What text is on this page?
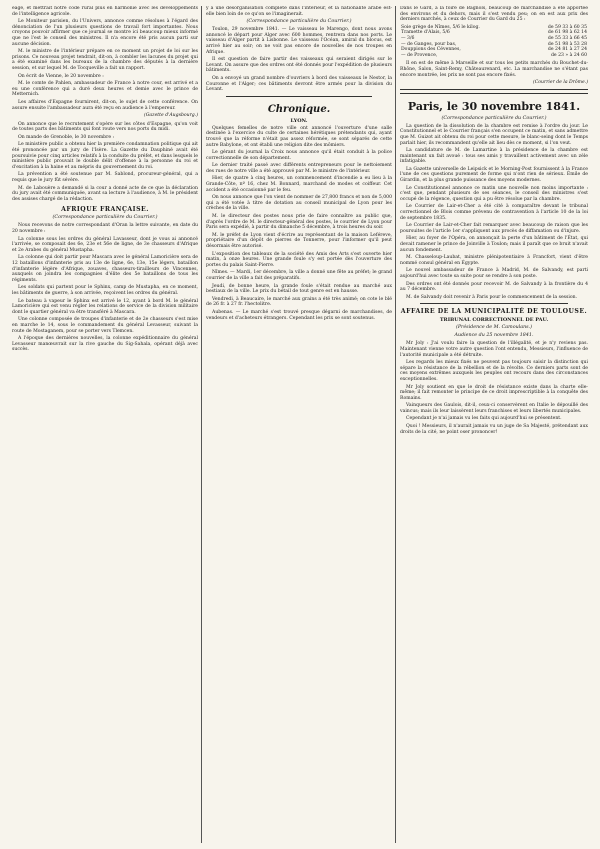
eage, et mettrait notre code rural plus en harmonie avec les développements de l'intelligence agricole.

Le Moniteur parisien, du l'Univers, annonce comme résolues à l'égard des dénonciation de l'un plusieurs questions de travail fort importantes. Nous croyons pouvoir affirmer que ce journal se montre ici beaucoup mieux informé que ne l'est le conseil des ministres. Il n'a encore été pris aucun parti sur aucune décision.

M. le ministre de l'intérieur prépare en ce moment un projet de loi sur les prisons. Ce nouveau projet tendrait, dit-on, à combler les lacunes du projet qui a été examiné dans les bureaux de la chambre des députés à la dernière session, et sur lequel M. de Tocqueville a fait un rapport.

On écrit de Vienne, le 20 novembre :

M. le comte de Pahlen, ambassadeur de France à notre cour, est arrivé et a eu une conférence qui a duré deux heures et demie avec le prince de Metternich.

Les affaires d'Espagne fournirent, dit-on, le sujet de cette conférence. On assure ensuite l'ambassadeur aura été reçu en audience à l'empereur.

(Gazette d'Augsbourg.)

On annonce que le recrutement s'opère sur les côtes d'Espagne, qu'on voit de toutes parts des bâtiments qui font route vers nos ports du midi.

On mande de Grenoble, le 30 novembre :

Le ministère public a obtenu hier la première condamnation politique qui ait été prononcée par un jury de l'Isère. La Gazette du Dauphiné avait été poursuivie pour cinq articles relatifs à la conduite du préfet, et dans lesquels le ministère public prouvait le double délit d'offense à la personne du roi et d'excitation à la haine et au mépris du gouvernement du roi.

La prévention a été soutenue par M. Sablond, procureur-général, qui a requis que le jury fût sévère.

M. de Labouère a demandé si la cour a donné acte de ce que la déclaration du jury avait été communiquée, avant sa lecture à l'audience, à M. le président des assises chargé de la rédaction.

AFRIQUE FRANÇAISE.
(Correspondance particulière du Courrier.)

Nous recevons de notre correspondant d'Oran la lettre suivante, en date du 20 novembre :

La colonne sous les ordres du général Lavasseur, dont je vous ai annoncé l'arrivée, se composait des 6e, 23e et 56e de ligne, de 3e chasseurs d'Afrique et 2e Arabes du général Mustapha.

La colonne qui doit partir pour Mascara avec le général Lamoricière sera de 12 bataillons d'infanterie pris au 13e de ligne, 6e, 13e, 15e légers, bataillon d'infanterie légère d'Afrique, zouaves, chasseurs-tirailleurs de Vincennes, auxquels on joindra les compagnies d'élite des 5e bataillons de tous les régiments.

Les soldats qui partent pour le Sphinx, camp de Mustapha, en ce moment, les bâtiments de guerre, à son arrivée, reçoivent les ordres du général.

Le bateau à vapeur le Sphinx est arrivé le 12, ayant à bord M. le général Lamoricière qui est venu régler les relations de service de la division militaire dont le quartier général va être transféré à Mascara.

Une colonne composée de troupes d'infanterie et de 2e chasseurs s'est mise en marche le 14, sous le commandement du général Levasseur, suivant la route de Mostaganem, pour se porter vers Tlemcen.

A l'époque des dernières nouvelles, la colonne expéditionnaire du général Levasseur manœuvrait sur la rive gauche du Sig-Sahala, opérant déjà avec succès.

y a une désorganisation complète dans l'intérieur, et la nationalité arabe est-elle bien loin de ce qu'on se l'imaginerait.

(Correspondance particulière du Courrier.)

Toulon, 29 novembre 1841. — Le vaisseau le Marengo, dont nous avons annoncé le départ pour Alger avec 600 hommes, rentrera dans nos ports. Le vaisseau d'Alger partit à Lisbonne. Le vaisseau l'Océan, amiral du blocus, est arrivé hier au soir; on ne voit pas encore de nouvelles de nos troupes en Afrique.

Il est question de faire partir des vaisseaux qui seraient dirigés sur le Levant. On assure que des ordres ont été donnés pour l'expédition de plusieurs bâtiments.

On a envoyé un grand nombre d'ouvriers à bord des vaisseaux le Nestor, la Couronne et l'Alger; ces bâtiments devront être armés pour la division du Levant.

Chronique.
LYON.

Quelques femelles de notre ville ont annoncé l'ouverture d'une salle destinée à l'exercice du culte de certaines hérétiques prétendants qui, ayant trouvé que la réforme n'était pas assez réformée, se sont séparés de cette autre Babylone, et ont établi une religion dite des mômiers.

Le gérant du journal la Croix nous annonce qu'il était conduit à la police correctionnelle de son département.

Le dernier traité passé avec différents entrepreneurs pour le nettoiement des rues de notre ville a été approuvé par M. le ministre de l'intérieur.

Hier, de quatre à cinq heures, un commencement d'incendie a eu lieu à la Grande-Côte, nº 16, chez M. Bonnard, marchand de modes et coiffeur. Cet accident a été occasionné par le feu.

On nous annonce que l'on vient de nommer de 27,800 francs et non de 5,000 qui a été votée à titre de dotation au conseil municipal de Lyon pour les crèches de la ville.

M. le directeur des postes nous prie de faire connaître au public que, d'après l'ordre de M. le directeur-général des postes, le courrier de Lyon pour Paris sera expédié, à partir du dimanche 5 décembre, à trois heures du soir.

M. le préfet de Lyon vient d'écrire au représentant de la maison Leféreve, propriétaire d'un dépôt de pierres de Tonnerre, pour l'informer qu'il peut désormais être autorisé.

L'exposition des tableaux de la société des Amis des Arts s'est ouverte hier matin, à onze heures. Une grande foule s'y est portée dès l'ouverture des portes du palais Saint-Pierre.

Nîmes. — Mardi, 1er décembre, la ville a donné une fête au préfet; le grand courrier de la ville a fait des préparatifs.

Jeudi, de bonne heure, la grande foule s'était rendue au marché aux bestiaux de la ville. Le prix du bétail de tout genre est en hausse.

Vendredi, à Beaucaire, le marché aux grains a été très animé; on cote le blé de 26 fr. à 27 fr. l'hectolitre.

Aubenas. — Le marché s'est trouvé presque dégarni de marchandises, de vendeurs et d'acheteurs étrangers. Cependant les prix se sont soutenus.

Dans le Gard, à la foire de Bagnols, beaucoup de marchandise a été apportée des environs et du dehors, mais il s'est vendu peu; on en est aux prix des derniers marchés, à ceux de Courrier du Gard du 25 :

Soie grège de Nîmes, 5/6 le kilog.	de 59 33 à 60 35
Tramette d'Alais, 5/6	de 61 98 à 62 14
— 3/6	de 55 33 à 66 45
— de Ganges, pour bas,	de 51 98 à 53 28
Douppions des Cévennes,	de 24 81 à 27 24
— de Provence,	de 23 » à 24 60

Il en est de même à Marseille et sur tous les petits marchés du Bouchet-du-Rhône, Salon, Saint-Remy, Châteaurenard, etc. La marchandise ne s'étant pas encore montrée, les prix ne sont pas encore fixés.

(Courrier de la Drôme.)
Paris, le 30 novembre 1841.
(Correspondance particulière du Courrier.)

La question de la dissolution de la chambre est remise à l'ordre du jour. Le Constitutionnel et le Courrier français s'en occupent ce matin, et sans admettre que M. Guizot ait obtenu du roi pour cette mesure, le blanc-seing dont le Temps parlait hier, ils recommandent qu'elle ait lieu dès ce moment, si l'on veut.

La candidature de M. de Lamartine à la présidence de la chambre est maintenant un fait avoué : tous ses amis y travaillent activement avec un zèle infatigable.

La Gazette universelle de Leipsick et le Morning-Post fournissent à la France l'une de ces questions purement de forme qui n'ont rien de sérieux. Émile de Girardin, et la plus grande puissance des moyens modernes.

Le Constitutionnel annonce ce matin une nouvelle non moins importante : c'est que, pendant plusieurs de ses séances, le conseil des ministres s'est occupé de la régence, question qui a pu être résolue par la chambre.

Le Courrier de Lair-et-Cher a été cité à comparaître devant le tribunal correctionnel de Blois comme prévenu de contravention à l'article 10 de la loi de septembre 1835.

Le Courrier de Lair-et-Cher fait remarquer avec beaucoup de raison que les poursuites de l'article 1er s'appliquent aux procès de diffamation ou d'injure.

Hier, au foyer de l'Opéra, on annonçait la perte d'un bâtiment de l'État, qui devait ramener le prince de Joinville à Toulon; mais il paraît que ce bruit n'avait aucun fondement.

M. Chasseloup-Laubat, ministre plénipotentiaire à Francfort, vient d'être nommé consul général en Égypte.

Le nouvel ambassadeur de France à Madrid, M. de Salvandy, est parti aujourd'hui avec toute sa suite pour se rendre à son poste.

Des ordres ont été donnés pour recevoir M. de Salvandy à la frontière du 4 au 7 décembre.

M. de Salvandy doit revenir à Paris pour le commencement de la session.

AFFAIRE DE LA MUNICIPALITÉ DE TOULOUSE.
TRIBUNAL CORRECTIONNEL DE PAU.
(Présidence de M. Camoulans.)
Audience du 25 novembre 1841.

Mr Joly : J'ai voulu faire la question de l'illégalité, et je n'y reviens pas. Maintenant vienne votre autre question l'ont entendu, Messieurs, l'influence de l'autorité municipale a été détruite.

Les regards les mieux fixés ne peuvent pas toujours saisir la distinction qui sépare la résistance de la rébellion et de la révolte. Ce derniers parts sont de ces moyens extrêmes auxquels les peuples ont recours dans des circonstances exceptionnelles.

Mr Joly soutient en que le droit de résistance existe dans la charte elle-même; il fait remonter le principe de ce droit imprescriptible à la conquête des Romains.

Vainqueurs des Gaulois, dit-il, ceux-ci conservèrent en Italie le dépouillé des vaincus; mais ils leur laissèrent leurs franchises et leurs libertés municipales.

Cependant je n'ai jamais vu les faits qui aujourd'hui se présentent.

Quoi ! Messieurs, il n'aurait jamais vu un juge de Sa Majesté, prétendant aux droits de la cité, ne point oser prononcer!
